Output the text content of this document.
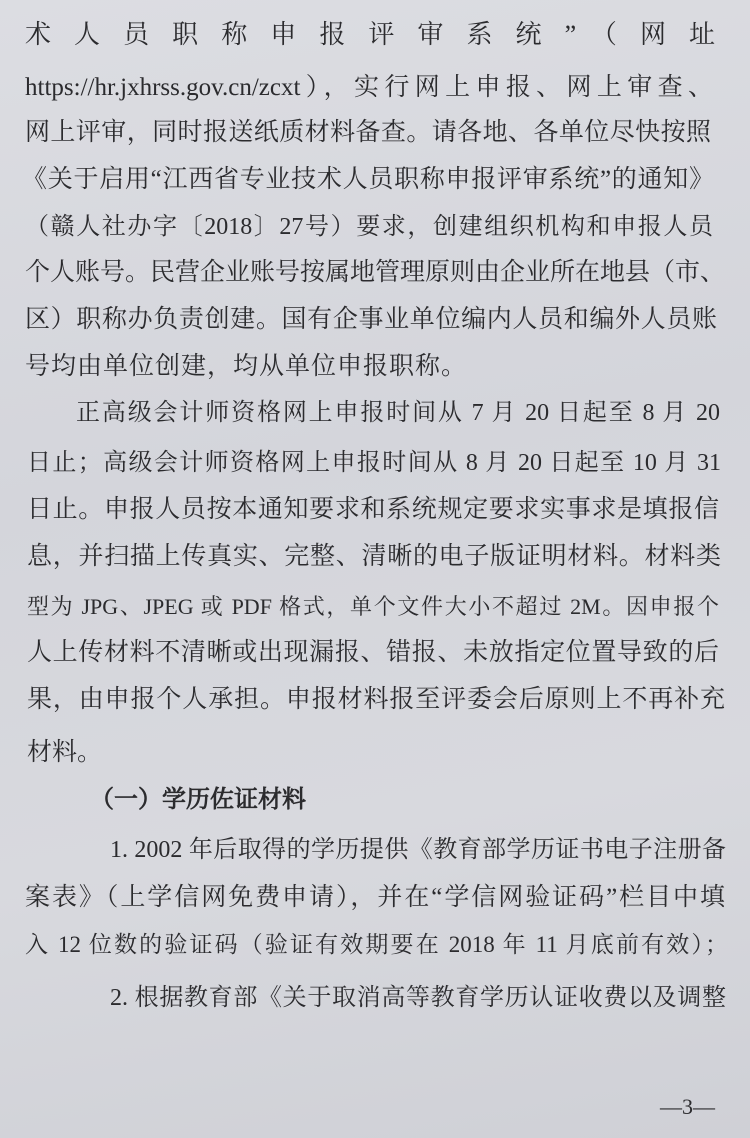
术 人 员 职 称 申 报 评 审 系 统 ” （ 网 址
https://hr.jxhrss.gov.cn/zcxt），实行网上申报、网上审查、
网上评审，同时报送纸质材料备查。请各地、各单位尽快按照
《关于启用“江西省专业技术人员职称申报评审系统”的通知》
（赣人社办字〔2018〕27号）要求，创建组织机构和申报人员
个人账号。民营企业账号按属地管理原则由企业所在地县（市、
区）职称办负责创建。国有企事业单位编内人员和编外人员账
号均由单位创建，均从单位申报职称。
正高级会计师资格网上申报时间从 7 月 20 日起至 8 月 20
日止；高级会计师资格网上申报时间从 8 月 20 日起至 10 月 31
日止。申报人员按本通知要求和系统规定要求实事求是填报信
息，并扫描上传真实、完整、清晰的电子版证明材料。材料类
型为 JPG、JPEG 或 PDF 格式，单个文件大小不超过 2M。因申报个
人上传材料不清晰或出现漏报、错报、未放指定位置导致的后
果，由申报个人承担。申报材料报至评委会后原则上不再补充
材料。
（一）学历佐证材料
1. 2002 年后取得的学历提供《教育部学历证书电子注册备
案表》（上学信网免费申请），并在“学信网验证码”栏目中填
入 12 位数的验证码（验证有效期要在 2018 年 11 月底前有效）；
2. 根据教育部《关于取消高等教育学历认证收费以及调整
—3—
